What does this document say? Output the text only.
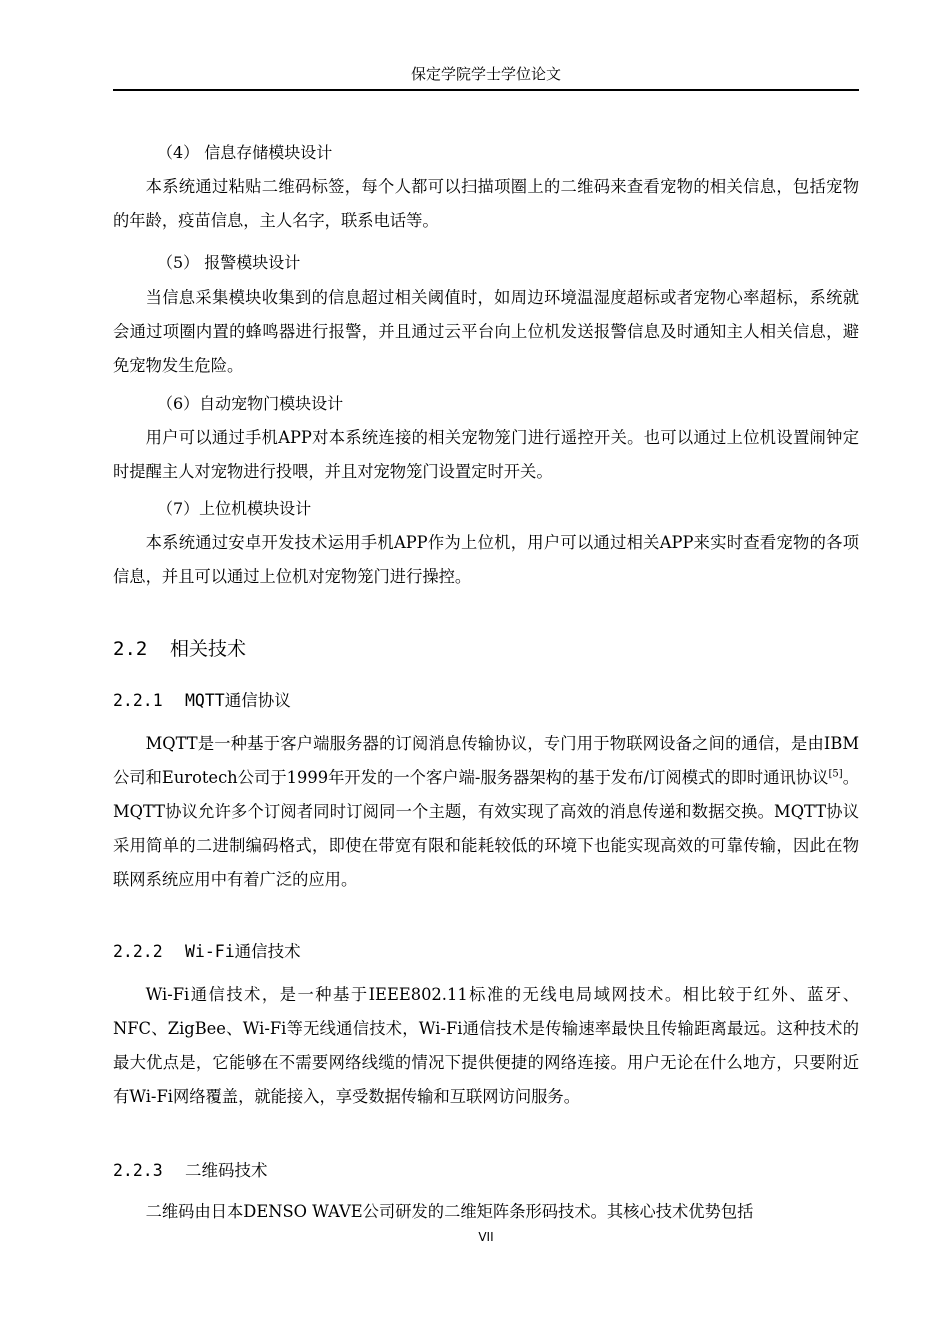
保定学院学士学位论文
（4） 信息存储模块设计

本系统通过粘贴二维码标签，每个人都可以扫描项圈上的二维码来查看宠物的相关信息，包括宠物的年龄，疫苗信息，主人名字，联系电话等。

（5） 报警模块设计

当信息采集模块收集到的信息超过相关阈值时，如周边环境温湿度超标或者宠物心率超标，系统就会通过项圈内置的蜂鸣器进行报警，并且通过云平台向上位机发送报警信息及时通知主人相关信息，避免宠物发生危险。

（6）自动宠物门模块设计

用户可以通过手机APP对本系统连接的相关宠物笼门进行遥控开关。也可以通过上位机设置闹钟定时提醒主人对宠物进行投喂，并且对宠物笼门设置定时开关。

（7）上位机模块设计

本系统通过安卓开发技术运用手机APP作为上位机，用户可以通过相关APP来实时查看宠物的各项信息，并且可以通过上位机对宠物笼门进行操控。

2.2 相关技术
2.2.1 MQTT通信协议

MQTT是一种基于客户端服务器的订阅消息传输协议，专门用于物联网设备之间的通信，是由IBM公司和Eurotech公司于1999年开发的一个客户端-服务器架构的基于发布/订阅模式的即时通讯协议[5]。MQTT协议允许多个订阅者同时订阅同一个主题，有效实现了高效的消息传递和数据交换。MQTT协议采用简单的二进制编码格式，即使在带宽有限和能耗较低的环境下也能实现高效的可靠传输，因此在物联网系统应用中有着广泛的应用。

2.2.2 Wi-Fi通信技术

Wi-Fi通信技术，是一种基于IEEE802.11标准的无线电局域网技术。相比较于红外、蓝牙、NFC、ZigBee、Wi-Fi等无线通信技术，Wi-Fi通信技术是传输速率最快且传输距离最远。这种技术的最大优点是，它能够在不需要网络线缆的情况下提供便捷的网络连接。用户无论在什么地方，只要附近有Wi-Fi网络覆盖，就能接入，享受数据传输和互联网访问服务。

2.2.3 二维码技术

二维码由日本DENSO WAVE公司研发的二维矩阵条形码技术。其核心技术优势包括

VII
